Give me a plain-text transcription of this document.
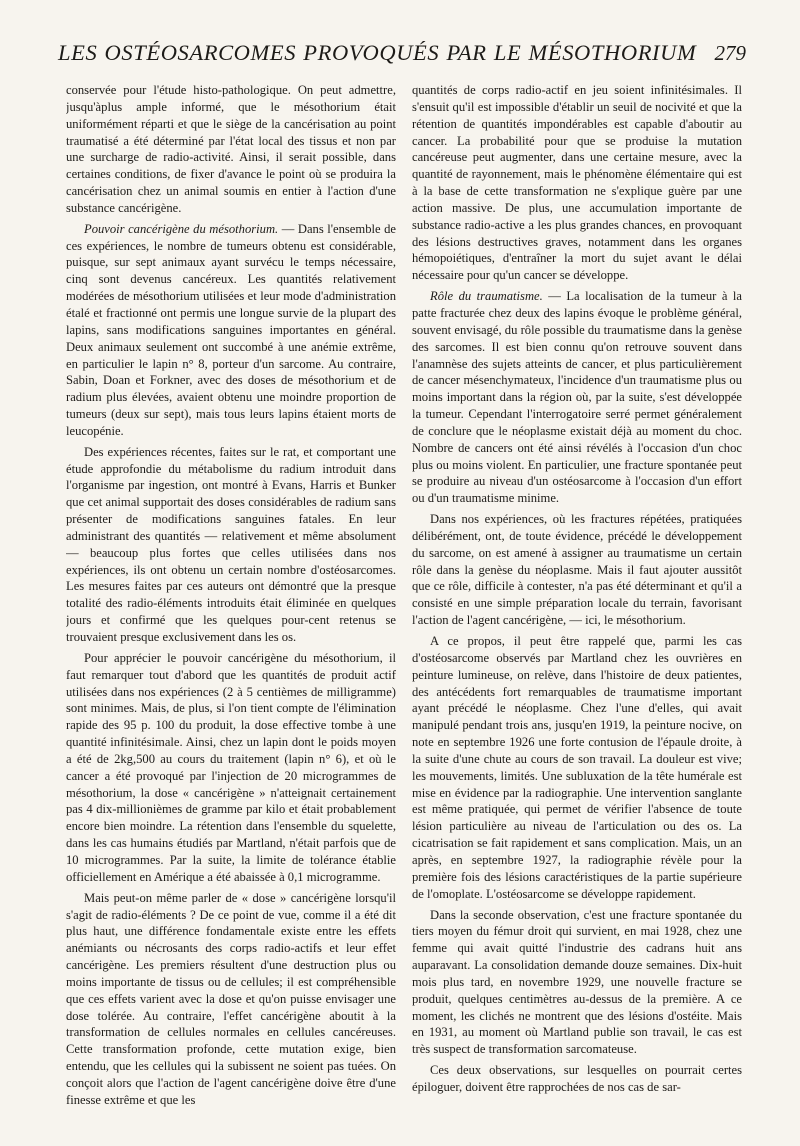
LES OSTÉOSARCOMES PROVOQUÉS PAR LE MÉSOTHORIUM 279

conservée pour l'étude histo-pathologique. On peut admettre, jusqu'àplus ample informé, que le mésothorium était uniformément réparti et que le siège de la cancérisation au point traumatisé a été déterminé par l'état local des tissus et non par une surcharge de radio-activité. Ainsi, il serait possible, dans certaines conditions, de fixer d'avance le point où se produira la cancérisation chez un animal soumis en entier à l'action d'une substance cancérigène.

Pouvoir cancérigène du mésothorium. — Dans l'ensemble de ces expériences, le nombre de tumeurs obtenu est considérable, puisque, sur sept animaux ayant survécu le temps nécessaire, cinq sont devenus cancéreux. Les quantités relativement modérées de mésothorium utilisées et leur mode d'administration étalé et fractionné ont permis une longue survie de la plupart des lapins, sans modifications sanguines importantes en général. Deux animaux seulement ont succombé à une anémie extrême, en particulier le lapin n° 8, porteur d'un sarcome. Au contraire, Sabin, Doan et Forkner, avec des doses de mésothorium et de radium plus élevées, avaient obtenu une moindre proportion de tumeurs (deux sur sept), mais tous leurs lapins étaient morts de leucopénie.

Des expériences récentes, faites sur le rat, et comportant une étude approfondie du métabolisme du radium introduit dans l'organisme par ingestion, ont montré à Evans, Harris et Bunker que cet animal supportait des doses considérables de radium sans présenter de modifications sanguines fatales. En leur administrant des quantités — relativement et même absolument — beaucoup plus fortes que celles utilisées dans nos expériences, ils ont obtenu un certain nombre d'ostéosarcomes. Les mesures faites par ces auteurs ont démontré que la presque totalité des radio-éléments introduits était éliminée en quelques jours et confirmé que les quelques pour-cent retenus se trouvaient presque exclusivement dans les os.

Pour apprécier le pouvoir cancérigène du mésothorium, il faut remarquer tout d'abord que les quantités de produit actif utilisées dans nos expériences (2 à 5 centièmes de milligramme) sont minimes. Mais, de plus, si l'on tient compte de l'élimination rapide des 95 p. 100 du produit, la dose effective tombe à une quantité infinitésimale. Ainsi, chez un lapin dont le poids moyen a été de 2kg,500 au cours du traitement (lapin n° 6), et où le cancer a été provoqué par l'injection de 20 microgrammes de mésothorium, la dose « cancérigène » n'atteignait certainement pas 4 dix-millionièmes de gramme par kilo et était probablement encore bien moindre. La rétention dans l'ensemble du squelette, dans les cas humains étudiés par Martland, n'était parfois que de 10 microgrammes. Par la suite, la limite de tolérance établie officiellement en Amérique a été abaissée à 0,1 microgramme.

Mais peut-on même parler de « dose » cancérigène lorsqu'il s'agit de radio-éléments ? De ce point de vue, comme il a été dit plus haut, une différence fondamentale existe entre les effets anémiants ou nécrosants des corps radio-actifs et leur effet cancérigène. Les premiers résultent d'une destruction plus ou moins importante de tissus ou de cellules; il est compréhensible que ces effets varient avec la dose et qu'on puisse envisager une dose tolérée. Au contraire, l'effet cancérigène aboutit à la transformation de cellules normales en cellules cancéreuses. Cette transformation profonde, cette mutation exige, bien entendu, que les cellules qui la subissent ne soient pas tuées. On conçoit alors que l'action de l'agent cancérigène doive être d'une finesse extrême et que les

quantités de corps radio-actif en jeu soient infinitésimales. Il s'ensuit qu'il est impossible d'établir un seuil de nocivité et que la rétention de quantités impondérables est capable d'aboutir au cancer. La probabilité pour que se produise la mutation cancéreuse peut augmenter, dans une certaine mesure, avec la quantité de rayonnement, mais le phénomène élémentaire qui est à la base de cette transformation ne s'explique guère par une action massive. De plus, une accumulation importante de substance radio-active a les plus grandes chances, en provoquant des lésions destructives graves, notamment dans les organes hémopoiétiques, d'entraîner la mort du sujet avant le délai nécessaire pour qu'un cancer se développe.

Rôle du traumatisme. — La localisation de la tumeur à la patte fracturée chez deux des lapins évoque le problème général, souvent envisagé, du rôle possible du traumatisme dans la genèse des sarcomes. Il est bien connu qu'on retrouve souvent dans l'anamnèse des sujets atteints de cancer, et plus particulièrement de cancer mésenchymateux, l'incidence d'un traumatisme plus ou moins important dans la région où, par la suite, s'est développée la tumeur. Cependant l'interrogatoire serré permet généralement de conclure que le néoplasme existait déjà au moment du choc. Nombre de cancers ont été ainsi révélés à l'occasion d'un choc plus ou moins violent. En particulier, une fracture spontanée peut se produire au niveau d'un ostéosarcome à l'occasion d'un effort ou d'un traumatisme minime.

Dans nos expériences, où les fractures répétées, pratiquées délibérément, ont, de toute évidence, précédé le développement du sarcome, on est amené à assigner au traumatisme un certain rôle dans la genèse du néoplasme. Mais il faut ajouter aussitôt que ce rôle, difficile à contester, n'a pas été déterminant et qu'il a consisté en une simple préparation locale du terrain, favorisant l'action de l'agent cancérigène, — ici, le mésothorium.

A ce propos, il peut être rappelé que, parmi les cas d'ostéosarcome observés par Martland chez les ouvrières en peinture lumineuse, on relève, dans l'histoire de deux patientes, des antécédents fort remarquables de traumatisme important ayant précédé le néoplasme. Chez l'une d'elles, qui avait manipulé pendant trois ans, jusqu'en 1919, la peinture nocive, on note en septembre 1926 une forte contusion de l'épaule droite, à la suite d'une chute au cours de son travail. La douleur est vive; les mouvements, limités. Une subluxation de la tête humérale est mise en évidence par la radiographie. Une intervention sanglante est même pratiquée, qui permet de vérifier l'absence de toute lésion particulière au niveau de l'articulation ou des os. La cicatrisation se fait rapidement et sans complication. Mais, un an après, en septembre 1927, la radiographie révèle pour la première fois des lésions caractéristiques de la partie supérieure de l'omoplate. L'ostéosarcome se développe rapidement.

Dans la seconde observation, c'est une fracture spontanée du tiers moyen du fémur droit qui survient, en mai 1928, chez une femme qui avait quitté l'industrie des cadrans huit ans auparavant. La consolidation demande douze semaines. Dix-huit mois plus tard, en novembre 1929, une nouvelle fracture se produit, quelques centimètres au-dessus de la première. A ce moment, les clichés ne montrent que des lésions d'ostéite. Mais en 1931, au moment où Martland publie son travail, le cas est très suspect de transformation sarcomateuse.

Ces deux observations, sur lesquelles on pourrait certes épiloguer, doivent être rapprochées de nos cas de sar-
